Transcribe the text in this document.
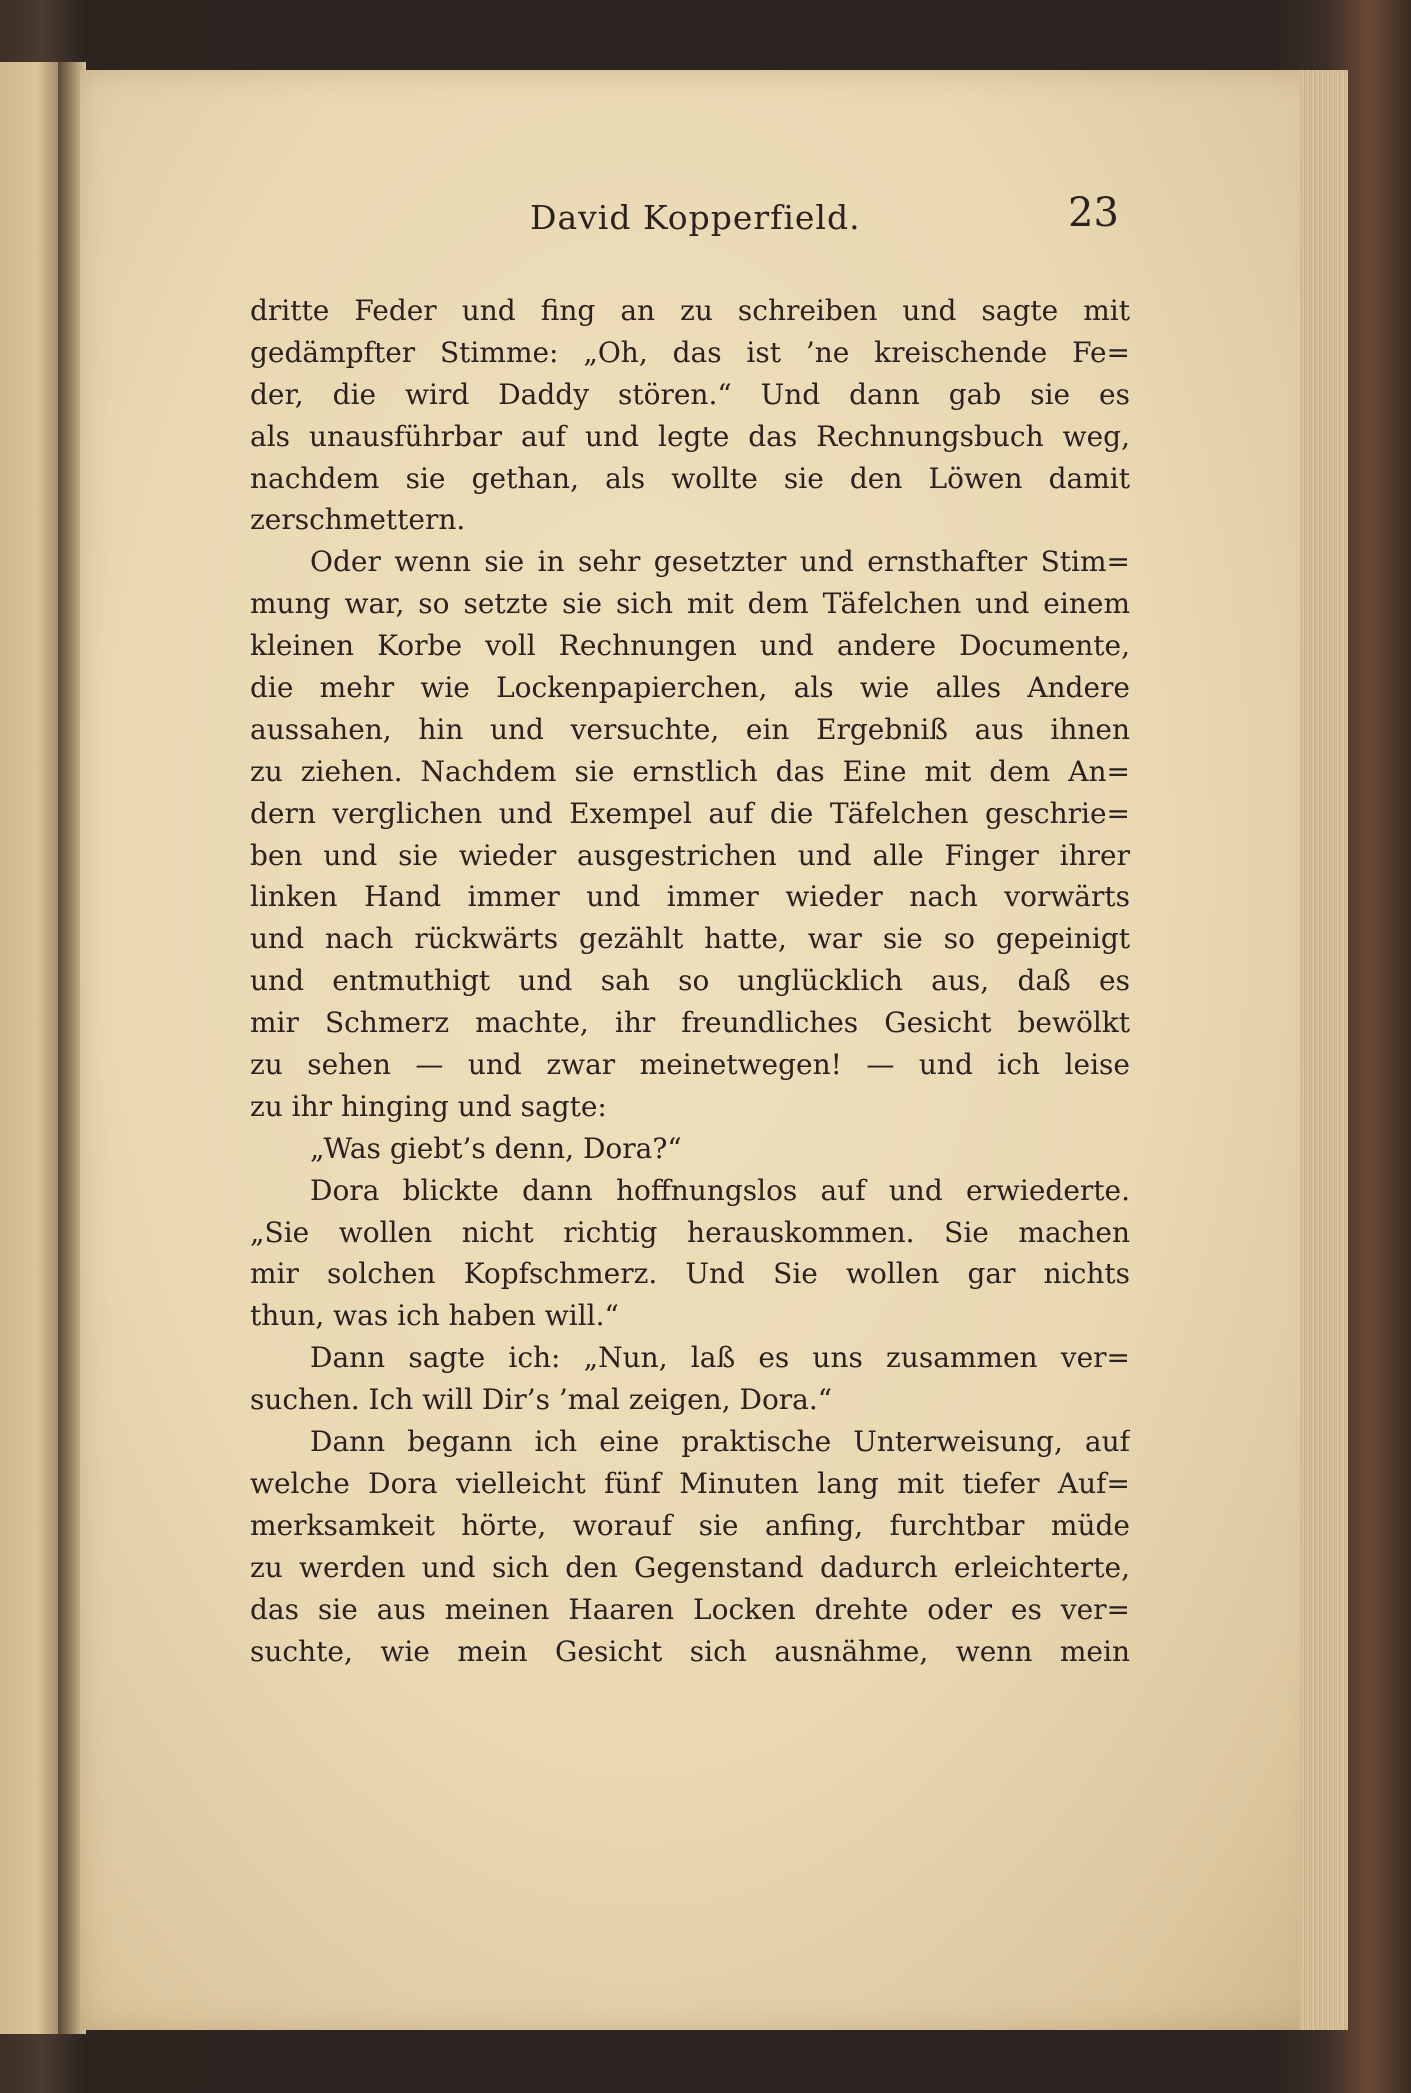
David Kopperfield.	23
dritte Feder und fing an zu schreiben und sagte mit
gedämpfter Stimme: „Oh, das ist ’ne kreischende Fe=
der, die wird Daddy stören.“ Und dann gab sie es
als unausführbar auf und legte das Rechnungsbuch weg,
nachdem sie gethan, als wollte sie den Löwen damit
zerschmettern.
Oder wenn sie in sehr gesetzter und ernsthafter Stim=
mung war, so setzte sie sich mit dem Täfelchen und einem
kleinen Korbe voll Rechnungen und andere Documente,
die mehr wie Lockenpapierchen, als wie alles Andere
aussahen, hin und versuchte, ein Ergebniß aus ihnen
zu ziehen. Nachdem sie ernstlich das Eine mit dem An=
dern verglichen und Exempel auf die Täfelchen geschrie=
ben und sie wieder ausgestrichen und alle Finger ihrer
linken Hand immer und immer wieder nach vorwärts
und nach rückwärts gezählt hatte, war sie so gepeinigt
und entmuthigt und sah so unglücklich aus, daß es
mir Schmerz machte, ihr freundliches Gesicht bewölkt
zu sehen — und zwar meinetwegen! — und ich leise
zu ihr hinging und sagte:
„Was giebt’s denn, Dora?“
Dora blickte dann hoffnungslos auf und erwiederte.
„Sie wollen nicht richtig herauskommen. Sie machen
mir solchen Kopfschmerz. Und Sie wollen gar nichts
thun, was ich haben will.“
Dann sagte ich: „Nun, laß es uns zusammen ver=
suchen. Ich will Dir’s ’mal zeigen, Dora.“
Dann begann ich eine praktische Unterweisung, auf
welche Dora vielleicht fünf Minuten lang mit tiefer Auf=
merksamkeit hörte, worauf sie anfing, furchtbar müde
zu werden und sich den Gegenstand dadurch erleichterte,
das sie aus meinen Haaren Locken drehte oder es ver=
suchte, wie mein Gesicht sich ausnähme, wenn mein
